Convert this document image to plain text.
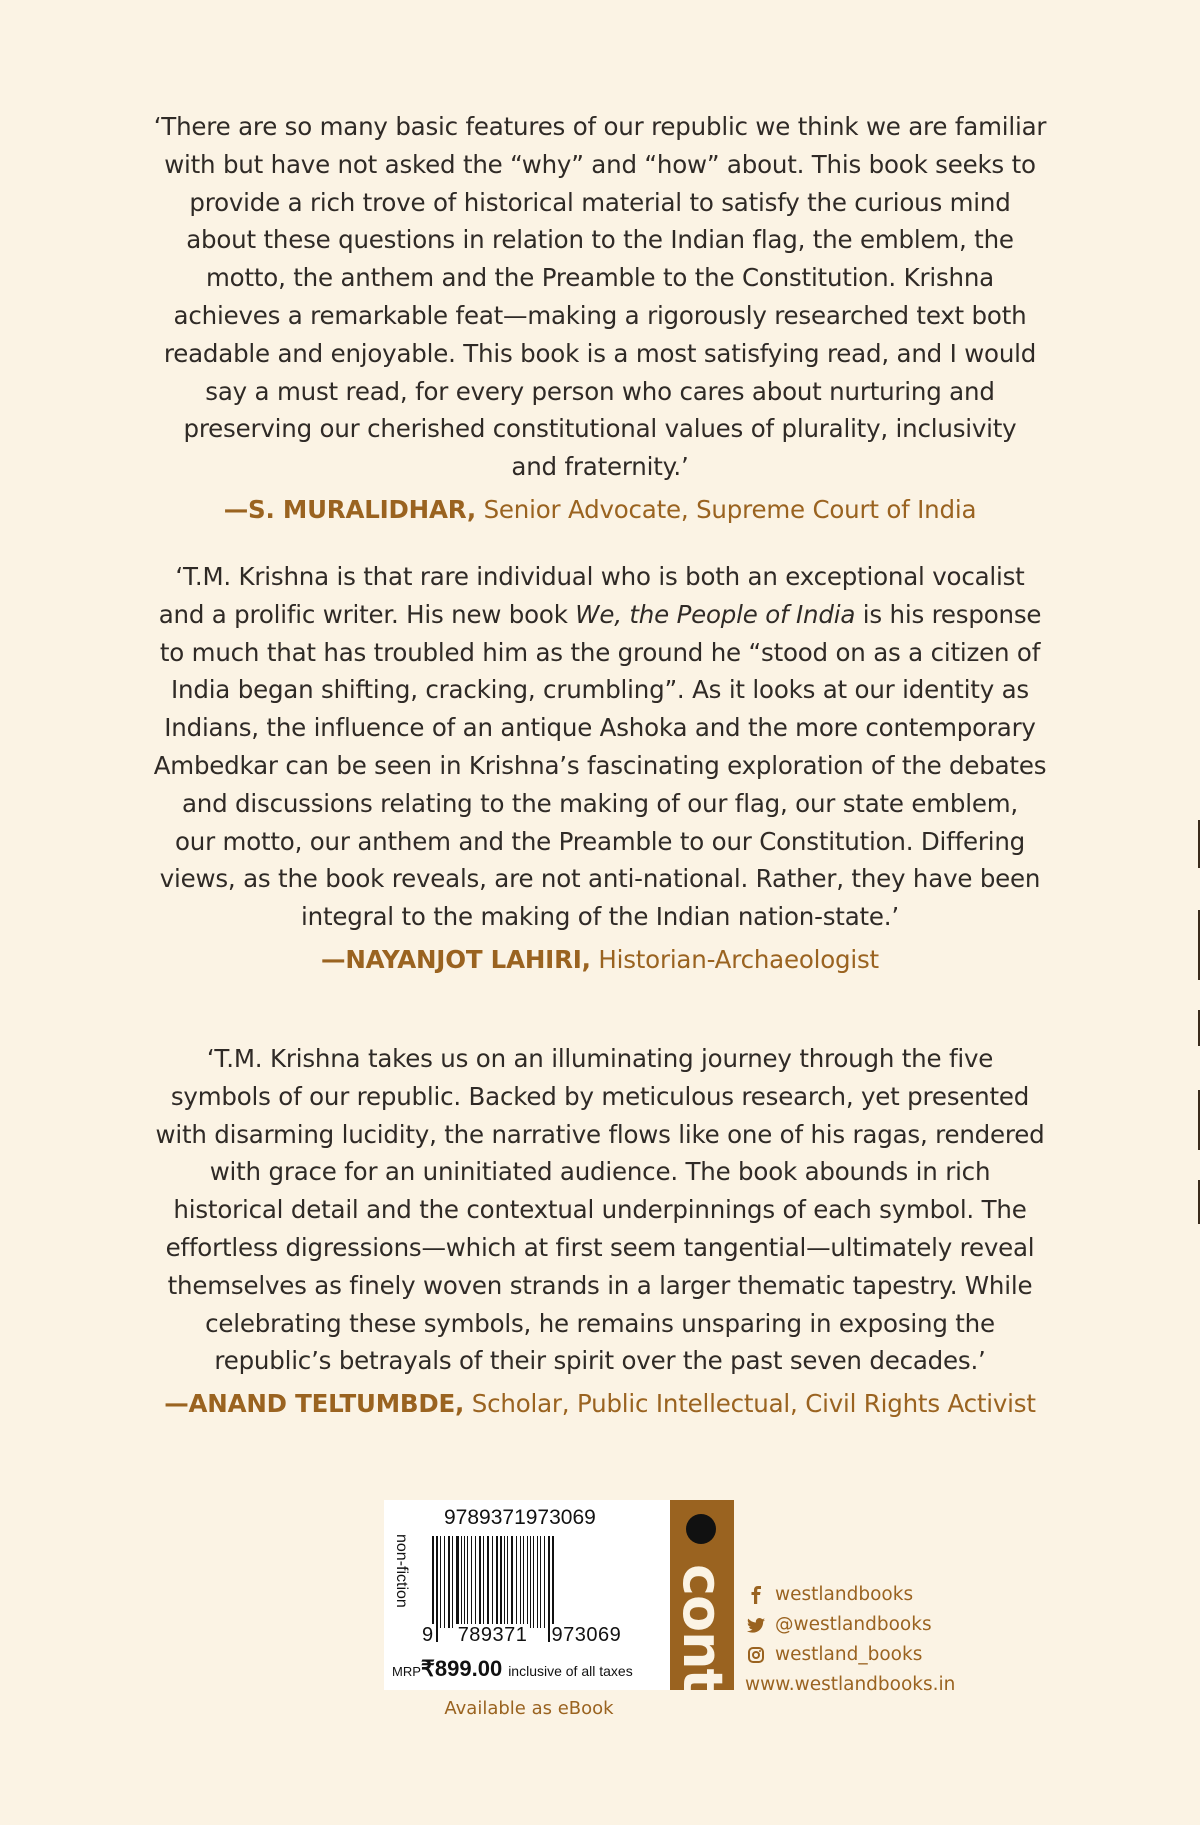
‘There are so many basic features of our republic we think we are familiar
with but have not asked the “why” and “how” about. This book seeks to
provide a rich trove of historical material to satisfy the curious mind
about these questions in relation to the Indian flag, the emblem, the
motto, the anthem and the Preamble to the Constitution. Krishna
achieves a remarkable feat—making a rigorously researched text both
readable and enjoyable. This book is a most satisfying read, and I would
say a must read, for every person who cares about nurturing and
preserving our cherished constitutional values of plurality, inclusivity
and fraternity.’

—S. MURALIDHAR, Senior Advocate, Supreme Court of India

‘T.M. Krishna is that rare individual who is both an exceptional vocalist
and a prolific writer. His new book We, the People of India is his response
to much that has troubled him as the ground he “stood on as a citizen of
India began shifting, cracking, crumbling”. As it looks at our identity as
Indians, the influence of an antique Ashoka and the more contemporary
Ambedkar can be seen in Krishna’s fascinating exploration of the debates
and discussions relating to the making of our flag, our state emblem,
our motto, our anthem and the Preamble to our Constitution. Differing
views, as the book reveals, are not anti-national. Rather, they have been
integral to the making of the Indian nation-state.’

—NAYANJOT LAHIRI, Historian-Archaeologist

‘T.M. Krishna takes us on an illuminating journey through the five
symbols of our republic. Backed by meticulous research, yet presented
with disarming lucidity, the narrative flows like one of his ragas, rendered
with grace for an uninitiated audience. The book abounds in rich
historical detail and the contextual underpinnings of each symbol. The
effortless digressions—which at first seem tangential—ultimately reveal
themselves as finely woven strands in a larger thematic tapestry. While
celebrating these symbols, he remains unsparing in exposing the
republic’s betrayals of their spirit over the past seven decades.’

—ANAND TELTUMBDE, Scholar, Public Intellectual, Civil Rights Activist
9789371973069
non-fiction
9 789371 973069
MRP₹899.00 inclusive of all taxes context
Available as eBook
westlandbooks
@westlandbooks
westland_books
www.westlandbooks.in
